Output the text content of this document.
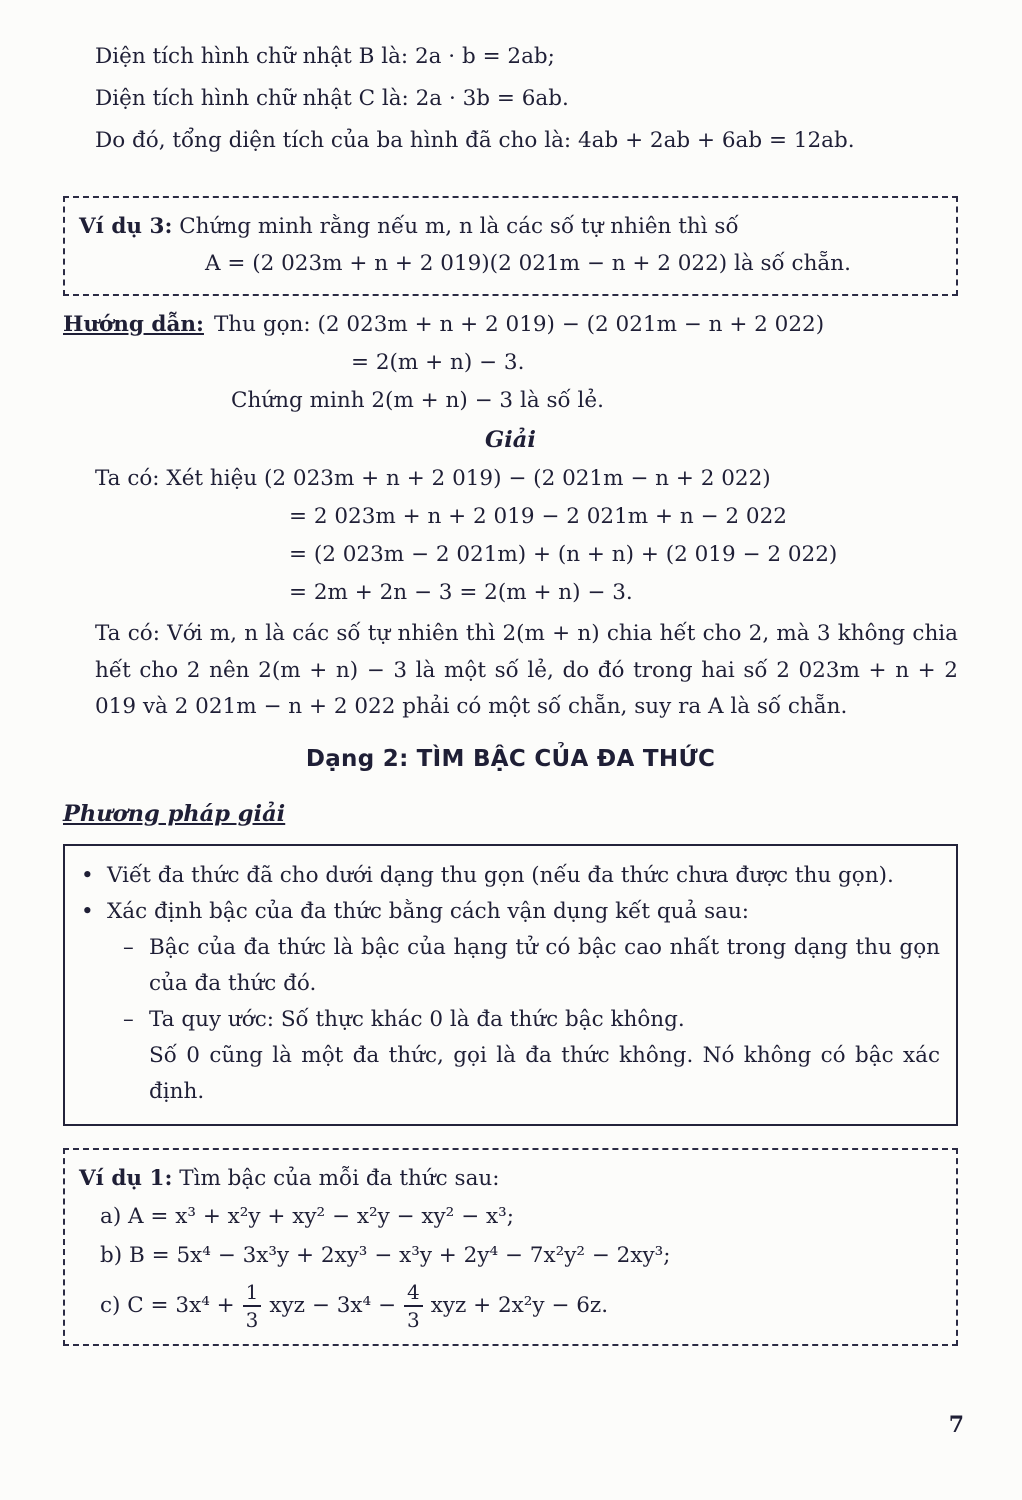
Diện tích hình chữ nhật B là: 2a · b = 2ab;

Diện tích hình chữ nhật C là: 2a · 3b = 6ab.

Do đó, tổng diện tích của ba hình đã cho là: 4ab + 2ab + 6ab = 12ab.

Ví dụ 3: Chứng minh rằng nếu m, n là các số tự nhiên thì số

A = (2 023m + n + 2 019)(2 021m − n + 2 022) là số chẵn.

Hướng dẫn: Thu gọn: (2 023m + n + 2 019) − (2 021m − n + 2 022)

= 2(m + n) − 3.

Chứng minh 2(m + n) − 3 là số lẻ.

Giải

Ta có: Xét hiệu (2 023m + n + 2 019) − (2 021m − n + 2 022)

= 2 023m + n + 2 019 − 2 021m + n − 2 022

= (2 023m − 2 021m) + (n + n) + (2 019 − 2 022)

= 2m + 2n − 3 = 2(m + n) − 3.

Ta có: Với m, n là các số tự nhiên thì 2(m + n) chia hết cho 2, mà 3 không chia hết cho 2 nên 2(m + n) − 3 là một số lẻ, do đó trong hai số 2 023m + n + 2 019 và 2 021m − n + 2 022 phải có một số chẵn, suy ra A là số chẵn.

Dạng 2: TÌM BẬC CỦA ĐA THỨC

Phương pháp giải

• Viết đa thức đã cho dưới dạng thu gọn (nếu đa thức chưa được thu gọn).

• Xác định bậc của đa thức bằng cách vận dụng kết quả sau:

– Bậc của đa thức là bậc của hạng tử có bậc cao nhất trong dạng thu gọn của đa thức đó.

– Ta quy ước: Số thực khác 0 là đa thức bậc không.

Số 0 cũng là một đa thức, gọi là đa thức không. Nó không có bậc xác định.

Ví dụ 1: Tìm bậc của mỗi đa thức sau:

a) A = x³ + x²y + xy² − x²y − xy² − x³;

b) B = 5x⁴ − 3x³y + 2xy³ − x³y + 2y⁴ − 7x²y² − 2xy³;

c) $C = 3x^4 + \frac{1}{3}$ xyz − $3x^4 - \frac{4}{3}$ xyz + 2x²y − 6z.

7
